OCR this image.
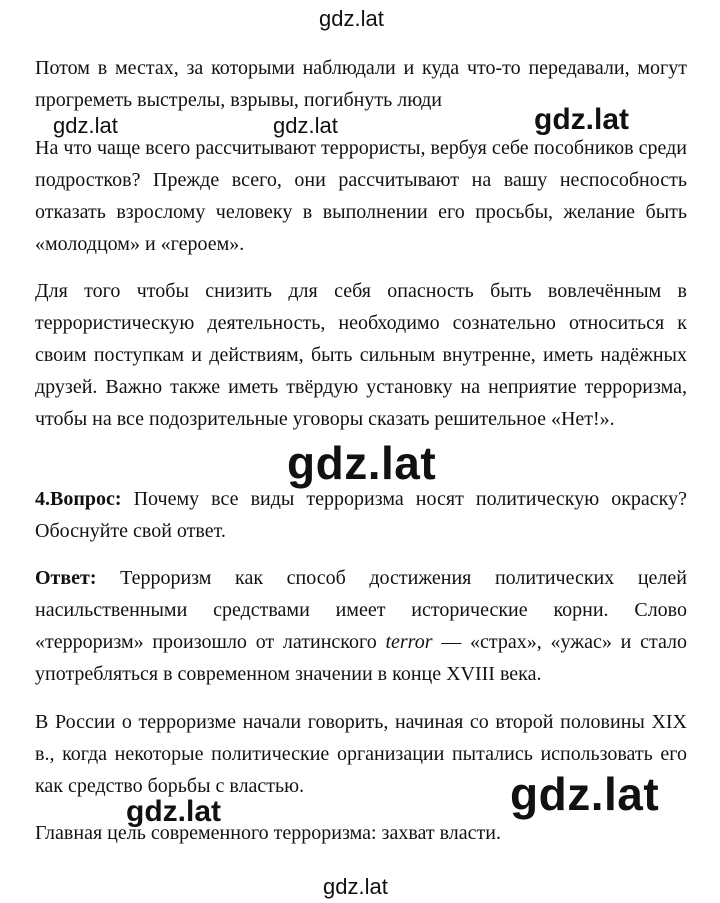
gdz.lat

Потом в местах, за которыми наблюдали и куда что-то передавали, могут прогреметь выстрелы, взрывы, погибнуть люди

gdz.lat	gdz.lat	gdz.lat

На что чаще всего рассчитывают террористы, вербуя себе пособников среди подростков? Прежде всего, они рассчитывают на вашу неспособность отказать взрослому человеку в выполнении его просьбы, желание быть «молодцом» и «героем».

Для того чтобы снизить для себя опасность быть вовлечённым в террористическую деятельность, необходимо сознательно относиться к своим поступкам и действиям, быть сильным внутренне, иметь надёжных друзей. Важно также иметь твёрдую установку на неприятие терроризма, чтобы на все подозрительные уговоры сказать решительное «Нет!».

gdz.lat

4.Вопрос: Почему все виды терроризма носят политическую окраску? Обоснуйте свой ответ.

Ответ: Терроризм как способ достижения политических целей насильственными средствами имеет исторические корни. Слово «терроризм» произошло от латинского terror — «страх», «ужас» и стало употребляться в современном значении в конце XVIII века.

В России о терроризме начали говорить, начиная со второй половины XIX в., когда некоторые политические организации пытались использовать его как средство борьбы с властью.	gdz.lat
gdz.lat

Главная цель современного терроризма: захват власти.

gdz.lat
